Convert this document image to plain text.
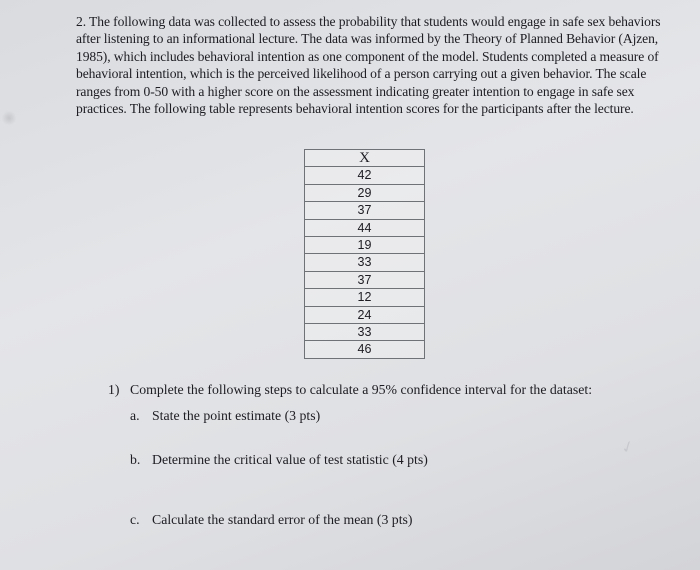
2. The following data was collected to assess the probability that students would engage in safe sex behaviors after listening to an informational lecture. The data was informed by the Theory of Planned Behavior (Ajzen, 1985), which includes behavioral intention as one component of the model. Students completed a measure of behavioral intention, which is the perceived likelihood of a person carrying out a given behavior. The scale ranges from 0-50 with a higher score on the assessment indicating greater intention to engage in safe sex practices. The following table represents behavioral intention scores for the participants after the lecture.

X
42
29
37
44
19
33
37
12
24
33
46
1) Complete the following steps to calculate a 95% confidence interval for the dataset:
a. State the point estimate (3 pts)
b. Determine the critical value of test statistic (4 pts)
c. Calculate the standard error of the mean (3 pts)
✓
